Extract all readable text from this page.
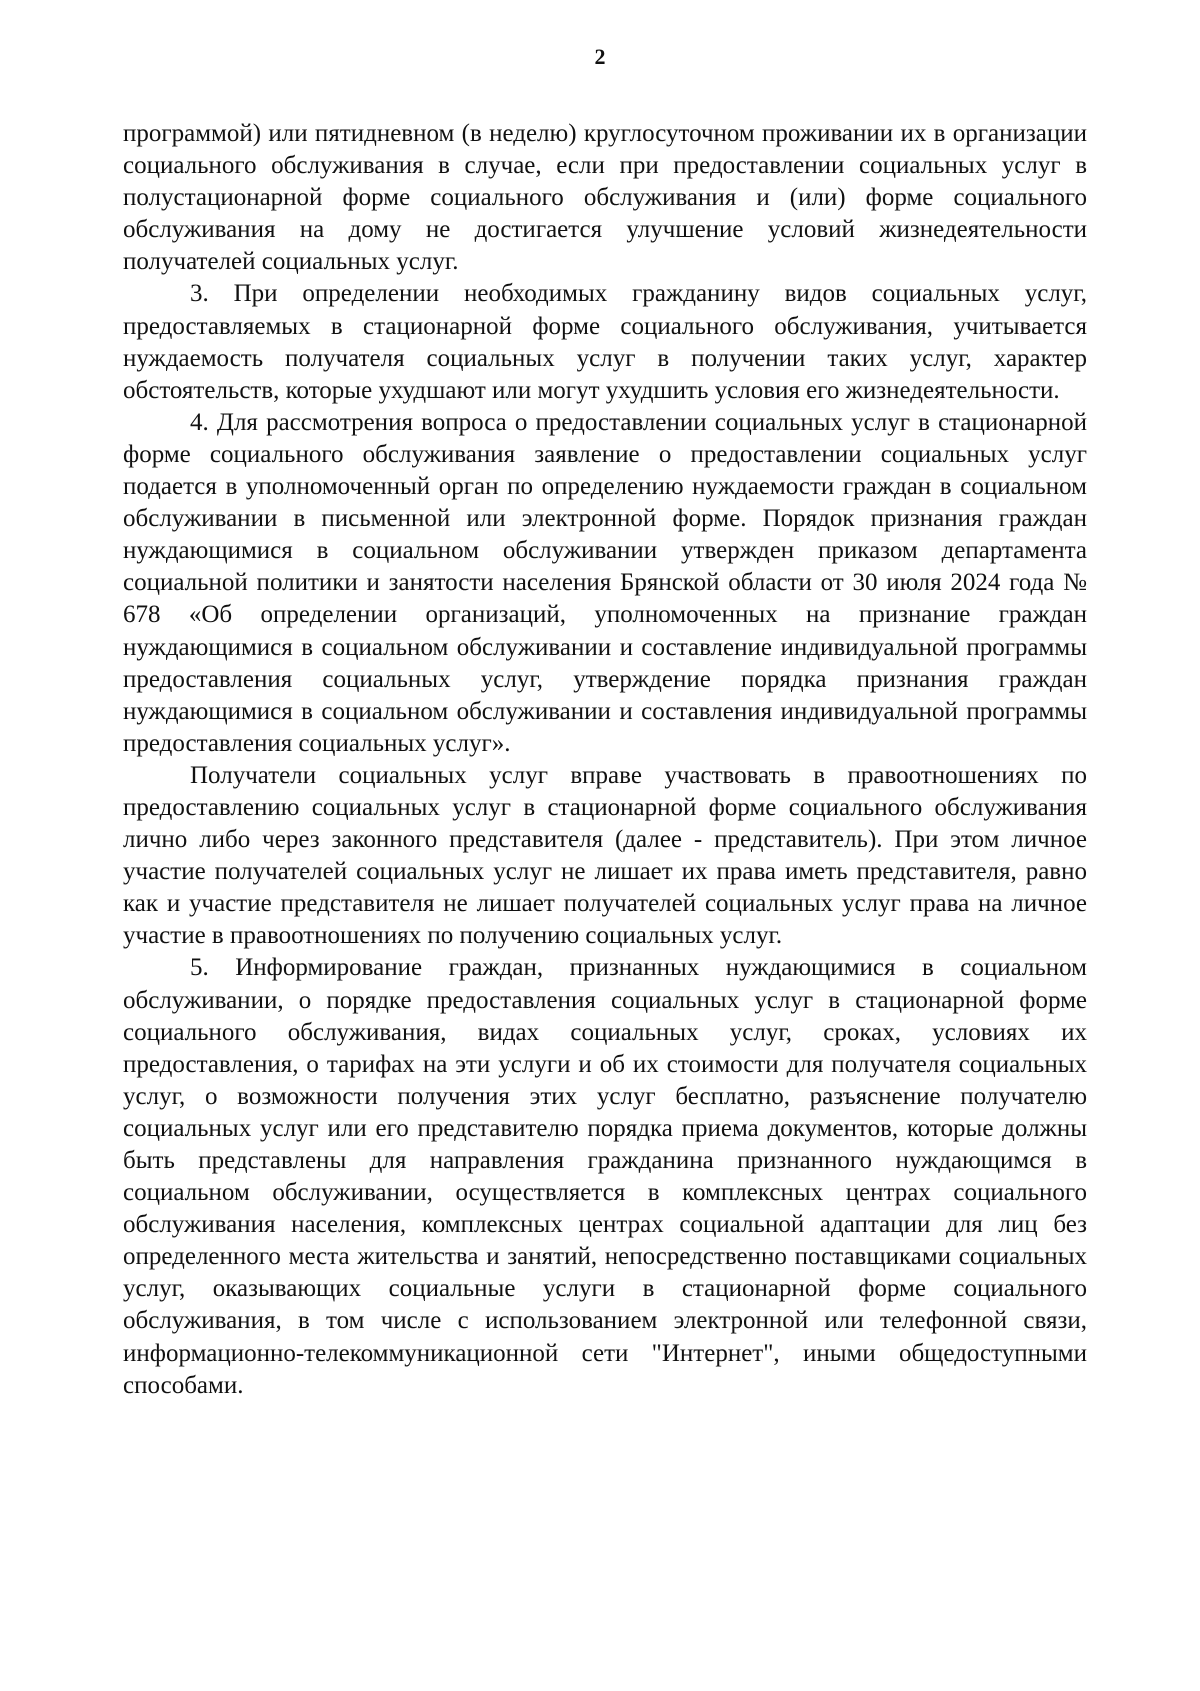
2

программой) или пятидневном (в неделю) круглосуточном проживании их в организации социального обслуживания в случае, если при предоставлении социальных услуг в полустационарной форме социального обслуживания и (или) форме социального обслуживания на дому не достигается улучшение условий жизнедеятельности получателей социальных услуг.

3. При определении необходимых гражданину видов социальных услуг, предоставляемых в стационарной форме социального обслуживания, учитывается нуждаемость получателя социальных услуг в получении таких услуг, характер обстоятельств, которые ухудшают или могут ухудшить условия его жизнедеятельности.

4. Для рассмотрения вопроса о предоставлении социальных услуг в стационарной форме социального обслуживания заявление о предоставлении социальных услуг подается в уполномоченный орган по определению нуждаемости граждан в социальном обслуживании в письменной или электронной форме. Порядок признания граждан нуждающимися в социальном обслуживании утвержден приказом департамента социальной политики и занятости населения Брянской области от 30 июля 2024 года № 678 «Об определении организаций, уполномоченных на признание граждан нуждающимися в социальном обслуживании и составление индивидуальной программы предоставления социальных услуг, утверждение порядка признания граждан нуждающимися в социальном обслуживании и составления индивидуальной программы предоставления социальных услуг».

Получатели социальных услуг вправе участвовать в правоотношениях по предоставлению социальных услуг в стационарной форме социального обслуживания лично либо через законного представителя (далее - представитель). При этом личное участие получателей социальных услуг не лишает их права иметь представителя, равно как и участие представителя не лишает получателей социальных услуг права на личное участие в правоотношениях по получению социальных услуг.

5. Информирование граждан, признанных нуждающимися в социальном обслуживании, о порядке предоставления социальных услуг в стационарной форме социального обслуживания, видах социальных услуг, сроках, условиях их предоставления, о тарифах на эти услуги и об их стоимости для получателя социальных услуг, о возможности получения этих услуг бесплатно, разъяснение получателю социальных услуг или его представителю порядка приема документов, которые должны быть представлены для направления гражданина признанного нуждающимся в социальном обслуживании, осуществляется в комплексных центрах социального обслуживания населения, комплексных центрах социальной адаптации для лиц без определенного места жительства и занятий, непосредственно поставщиками социальных услуг, оказывающих социальные услуги в стационарной форме социального обслуживания, в том числе с использованием электронной или телефонной связи, информационно-телекоммуникационной сети "Интернет", иными общедоступными способами.
